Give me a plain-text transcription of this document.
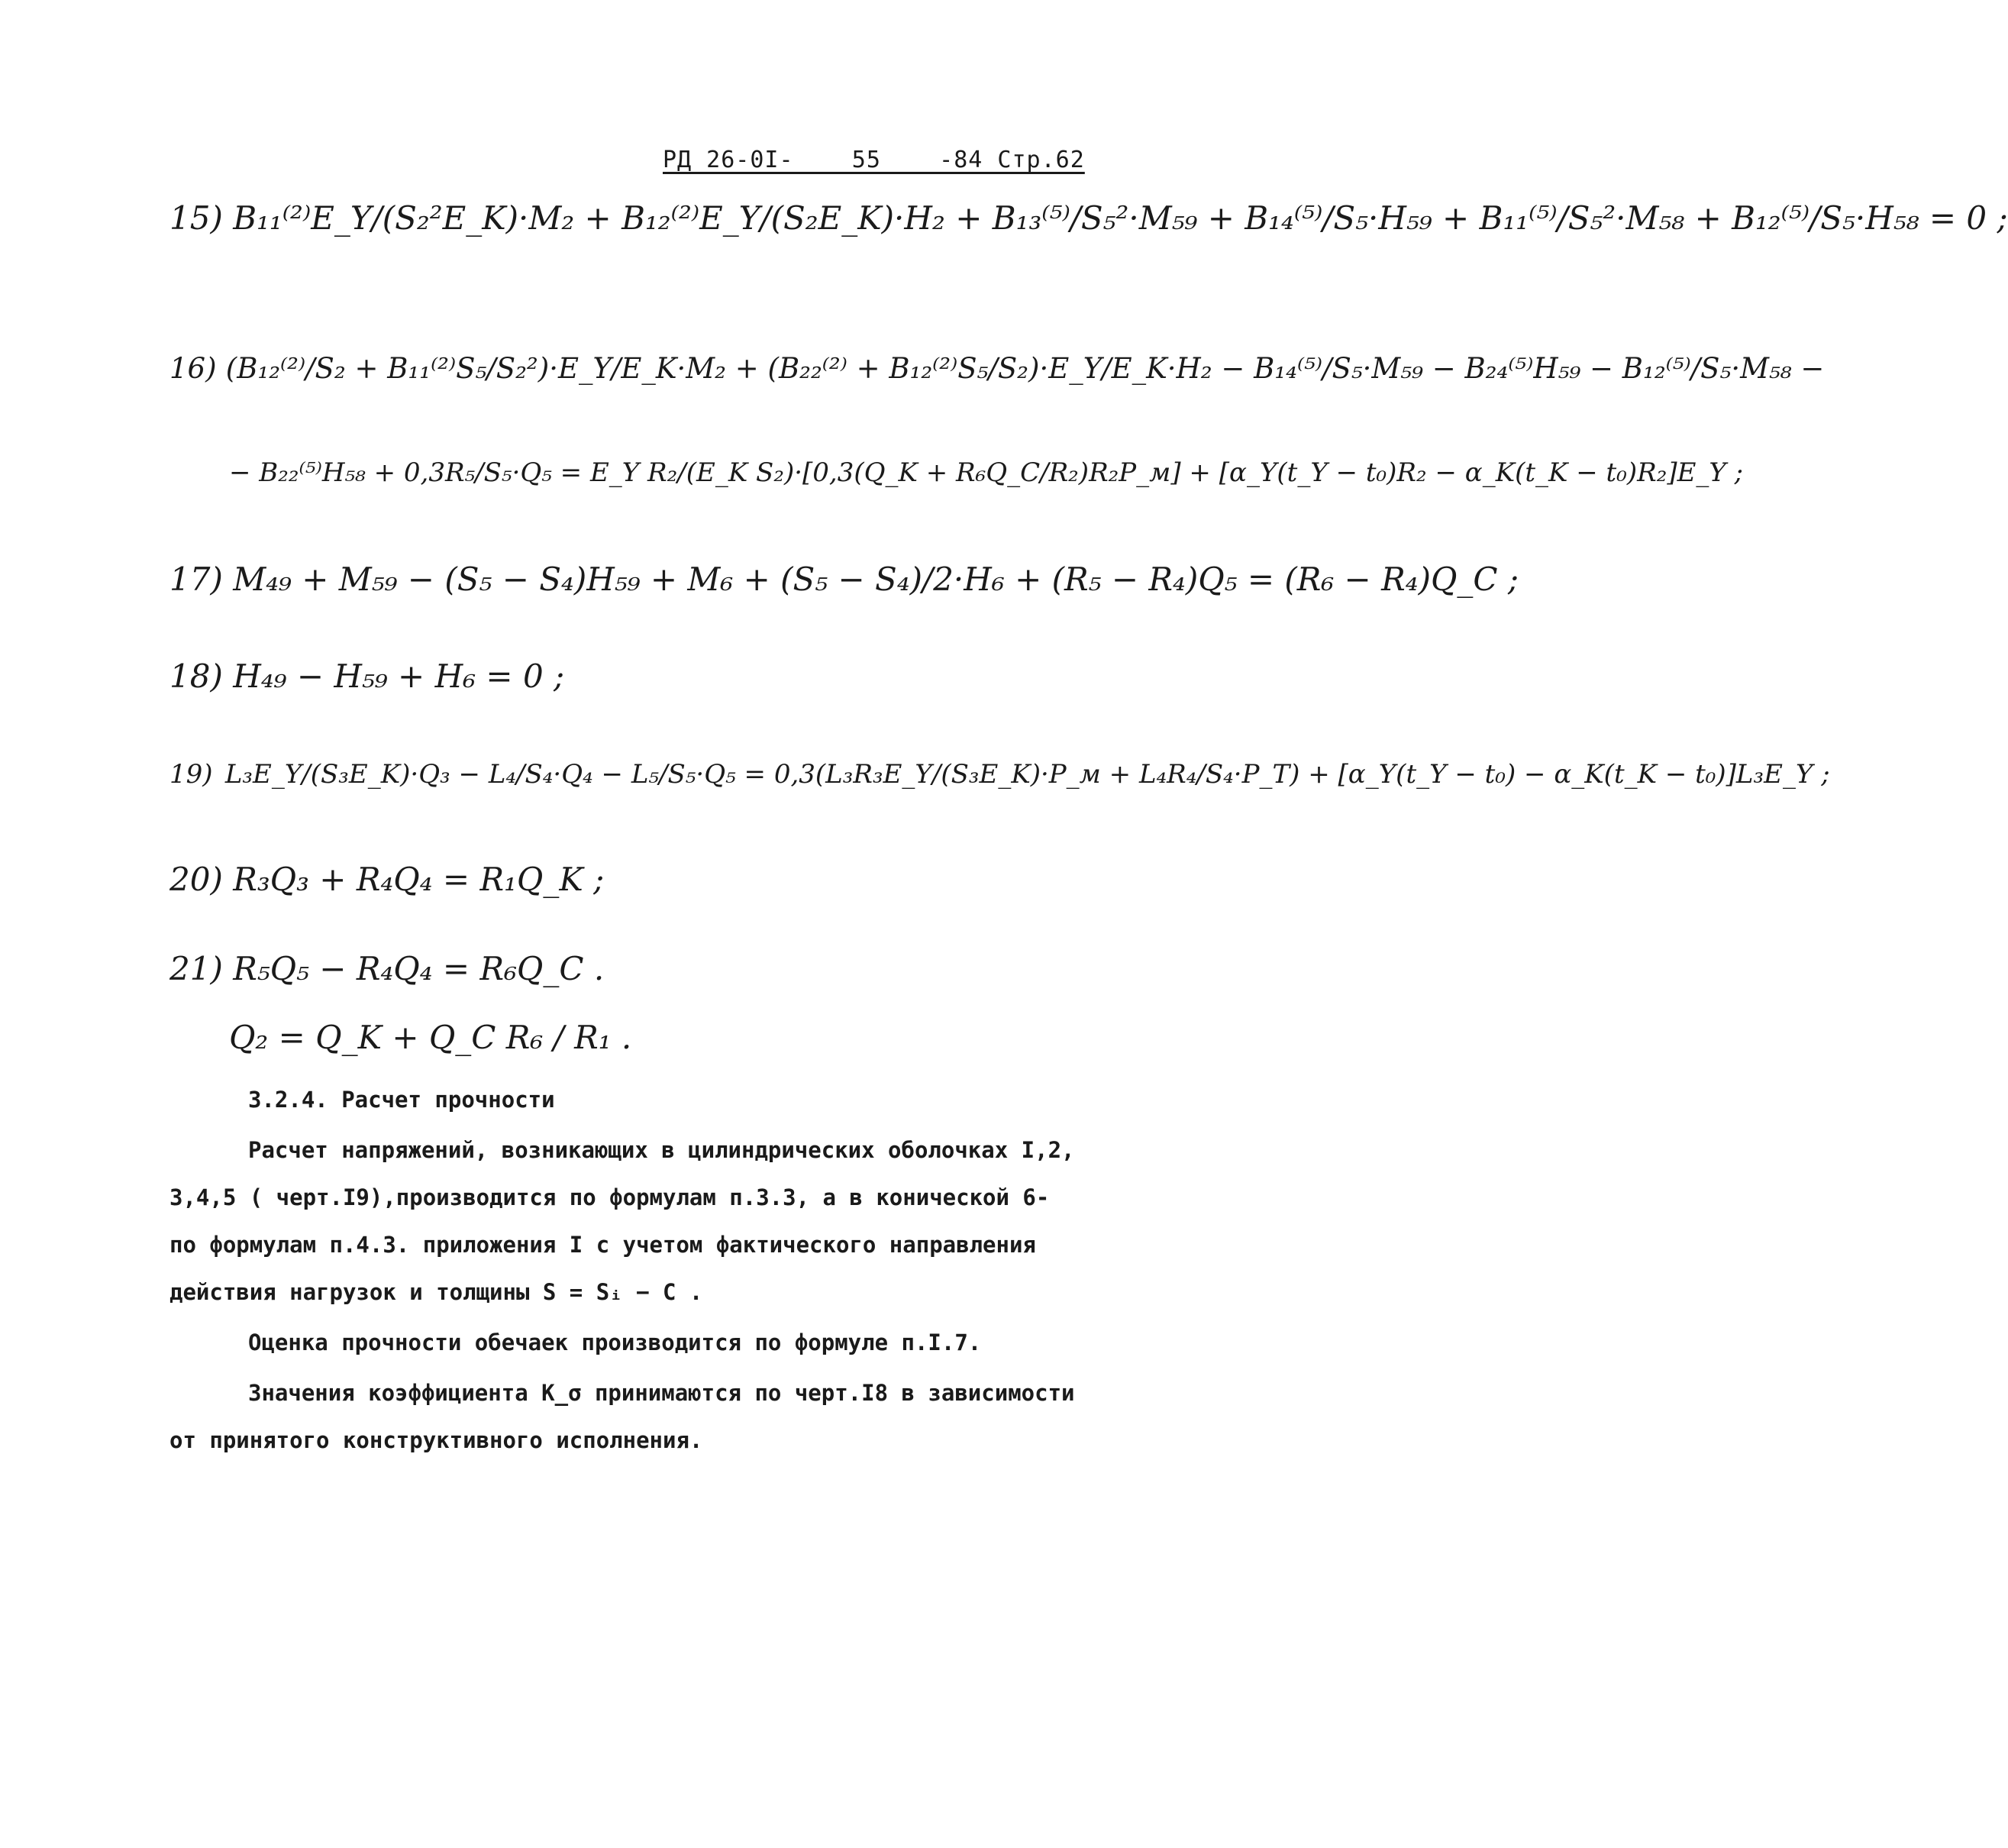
РД 26-0I-    55    -84 Стр.62
15) B₁₁⁽²⁾E_Y/(S₂²E_K)·M₂ + B₁₂⁽²⁾E_Y/(S₂E_K)·H₂ + B₁₃⁽⁵⁾/S₅²·M₅₉ + B₁₄⁽⁵⁾/S₅·H₅₉ + B₁₁⁽⁵⁾/S₅²·M₅₈ + B₁₂⁽⁵⁾/S₅·H₅₈ = 0 ;
16) (B₁₂⁽²⁾/S₂ + B₁₁⁽²⁾S₅/S₂²)·E_Y/E_K·M₂ + (B₂₂⁽²⁾ + B₁₂⁽²⁾S₅/S₂)·E_Y/E_K·H₂ − B₁₄⁽⁵⁾/S₅·M₅₉ − B₂₄⁽⁵⁾H₅₉ − B₁₂⁽⁵⁾/S₅·M₅₈ −
− B₂₂⁽⁵⁾H₅₈ + 0,3R₅/S₅·Q₅ = E_Y R₂/(E_K S₂)·[0,3(Q_K + R₆Q_C/R₂)R₂P_м] + [α_Y(t_Y − t₀)R₂ − α_K(t_K − t₀)R₂]E_Y ;
17) M₄₉ + M₅₉ − (S₅ − S₄)H₅₉ + M₆ + (S₅ − S₄)/2·H₆ + (R₅ − R₄)Q₅ = (R₆ − R₄)Q_C ;
18) H₄₉ − H₅₉ + H₆ = 0 ;
19) L₃E_Y/(S₃E_K)·Q₃ − L₄/S₄·Q₄ − L₅/S₅·Q₅ = 0,3(L₃R₃E_Y/(S₃E_K)·P_м + L₄R₄/S₄·P_T) + [α_Y(t_Y − t₀) − α_K(t_K − t₀)]L₃E_Y ;
20) R₃Q₃ + R₄Q₄ = R₁Q_K ;
21) R₅Q₅ − R₄Q₄ = R₆Q_C .
Q₂ = Q_K + Q_C R₆ / R₁ .
3.2.4. Расчет прочности
Расчет напряжений, возникающих в цилиндрических оболочках I,2,
3,4,5 ( черт.I9),производится по формулам п.3.3, а в конической 6-
по формулам п.4.3. приложения I с учетом фактического направления
действия нагрузок и толщины S = Sᵢ − C .
Оценка прочности обечаек производится по формуле п.I.7.
Значения коэффициента K_σ принимаются по черт.I8 в зависимости
от принятого конструктивного исполнения.
